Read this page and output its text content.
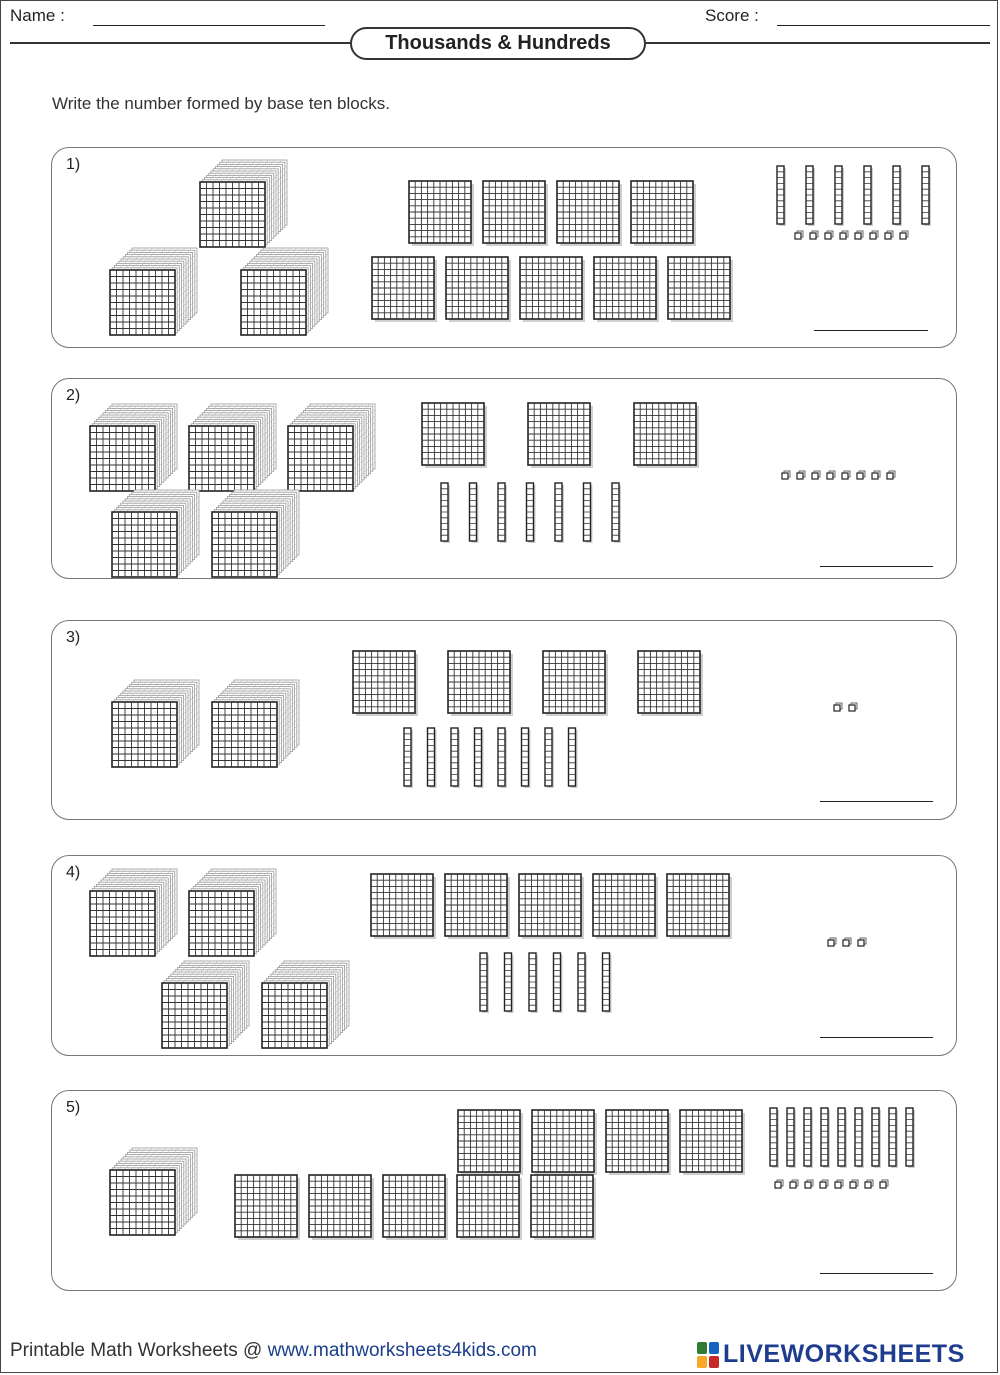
Name :	Score :
Thousands & Hundreds
Write the number formed by base ten blocks.
1)
2)
3)
4)
5)
Printable Math Worksheets @ www.mathworksheets4kids.com	LIVEWORKSHEETS
